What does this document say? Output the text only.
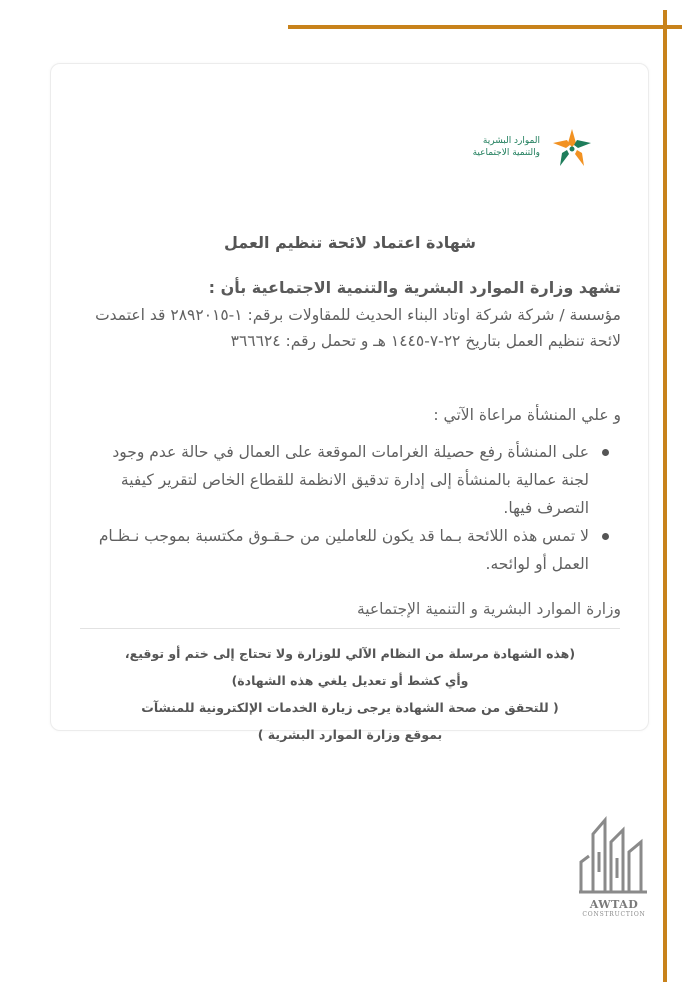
الموارد البشرية
والتنمية الاجتماعية
شهادة اعتماد لائحة تنظيم العمل
تشهد وزارة الموارد البشرية والتنمية الاجتماعية بأن :
مؤسسة / شركة شركة اوتاد البناء الحديث للمقاولات برقم: ١-٢٨٩٢٠١٥ قد اعتمدت لائحة تنظيم العمل بتاريخ ٢٢-٧-١٤٤٥ هـ و تحمل رقم: ٣٦٦٦٢٤
و علي المنشأة مراعاة الآتي :
على المنشأة رفع حصيلة الغرامات الموقعة على العمال في حالة عدم وجود لجنة عمالية بالمنشأة إلى إدارة تدقيق الانظمة للقطاع الخاص لتقرير كيفية التصرف فيها.
لا تمس هذه اللائحة بـما قد يكون للعاملين من حـقـوق مكتسبة بموجب نـظـام العمل أو لوائحه.
وزارة الموارد البشرية و التنمية الإجتماعية
(هذه الشهادة مرسلة من النظام الآلي للوزارة ولا تحتاج إلى ختم أو توقيع،
وأي كشط أو تعديل يلغي هذه الشهادة)
( للتحقق من صحة الشهادة يرجى زيارة الخدمات الإلكترونية للمنشآت
بموقع وزارة الموارد البشرية )
AWTAD
CONSTRUCTION
